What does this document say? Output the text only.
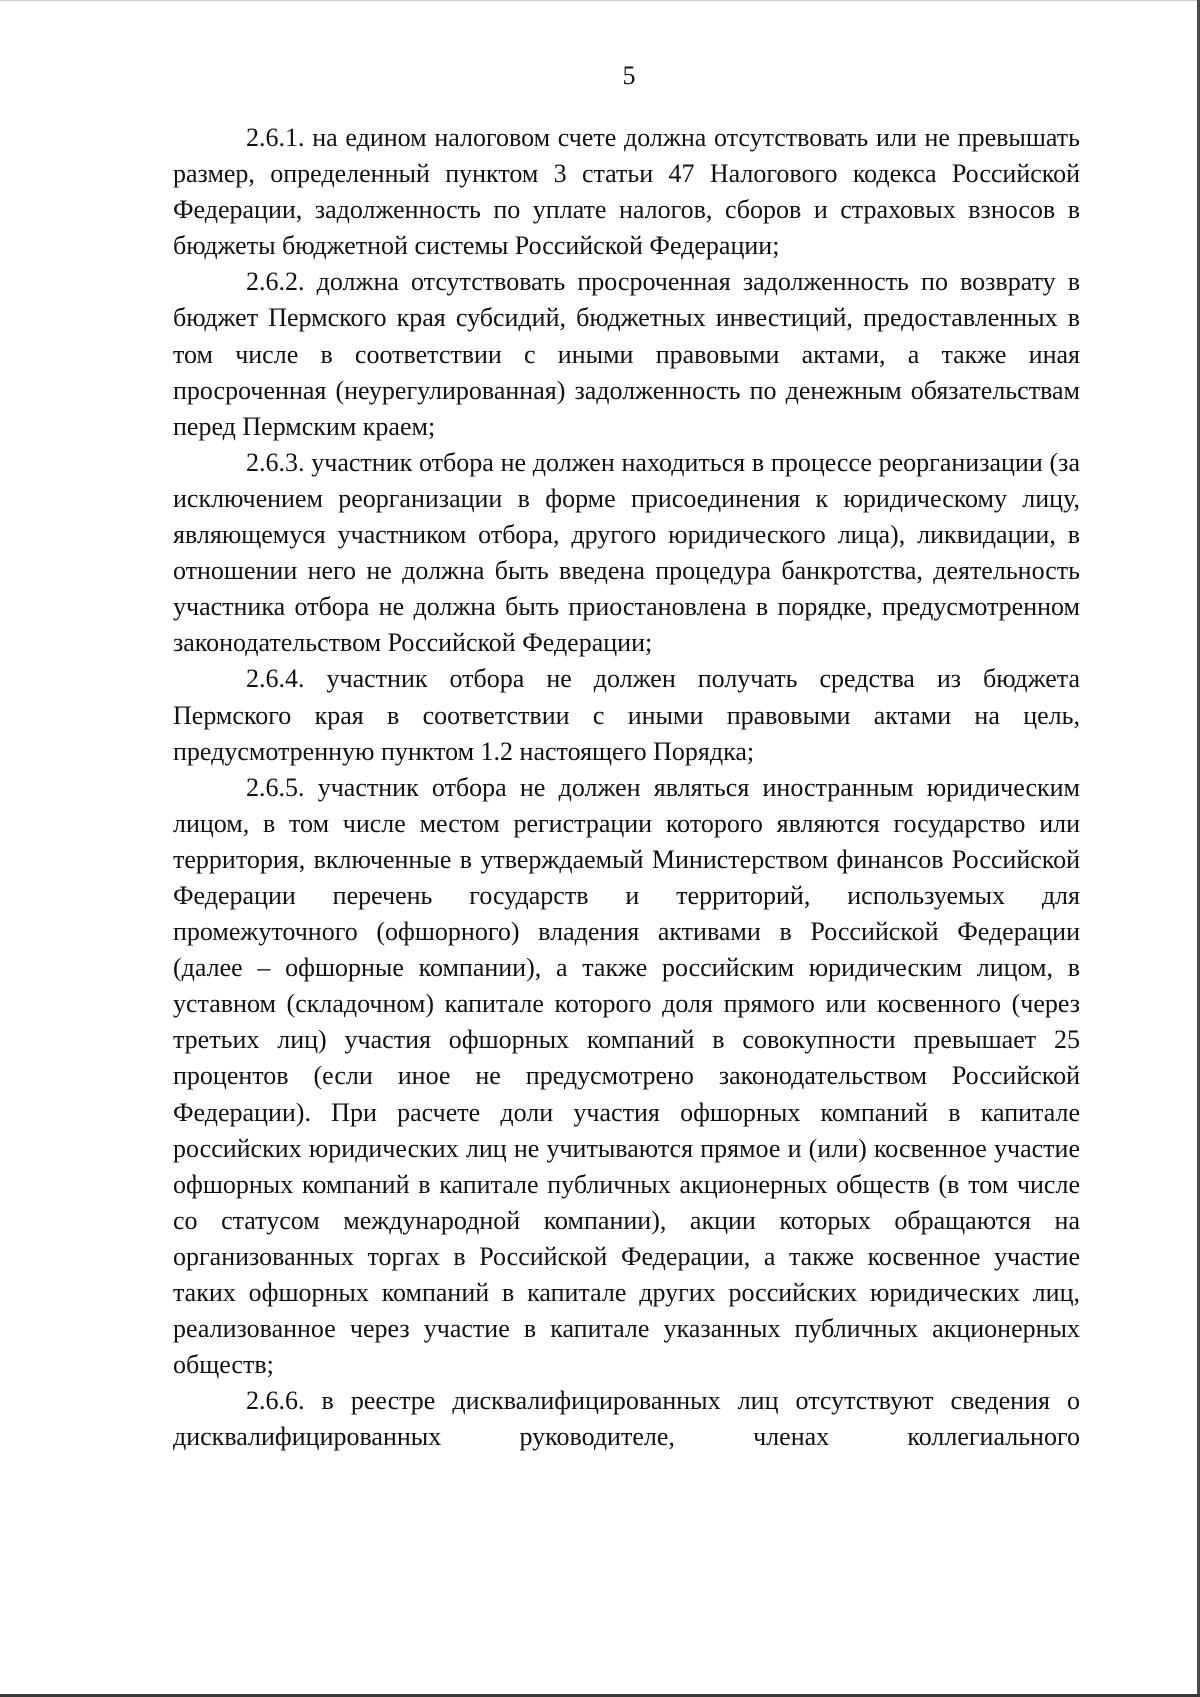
5

2.6.1. на едином налоговом счете должна отсутствовать или не превышать размер, определенный пунктом 3 статьи 47 Налогового кодекса Российской Федерации, задолженность по уплате налогов, сборов и страховых взносов в бюджеты бюджетной системы Российской Федерации;

2.6.2. должна отсутствовать просроченная задолженность по возврату в бюджет Пермского края субсидий, бюджетных инвестиций, предоставленных в том числе в соответствии с иными правовыми актами, а также иная просроченная (неурегулированная) задолженность по денежным обязательствам перед Пермским краем;

2.6.3. участник отбора не должен находиться в процессе реорганизации (за исключением реорганизации в форме присоединения к юридическому лицу, являющемуся участником отбора, другого юридического лица), ликвидации, в отношении него не должна быть введена процедура банкротства, деятельность участника отбора не должна быть приостановлена в порядке, предусмотренном законодательством Российской Федерации;

2.6.4. участник отбора не должен получать средства из бюджета Пермского края в соответствии с иными правовыми актами на цель, предусмотренную пунктом 1.2 настоящего Порядка;

2.6.5. участник отбора не должен являться иностранным юридическим лицом, в том числе местом регистрации которого являются государство или территория, включенные в утверждаемый Министерством финансов Российской Федерации перечень государств и территорий, используемых для промежуточного (офшорного) владения активами в Российской Федерации (далее – офшорные компании), а также российским юридическим лицом, в уставном (складочном) капитале которого доля прямого или косвенного (через третьих лиц) участия офшорных компаний в совокупности превышает 25 процентов (если иное не предусмотрено законодательством Российской Федерации). При расчете доли участия офшорных компаний в капитале российских юридических лиц не учитываются прямое и (или) косвенное участие офшорных компаний в капитале публичных акционерных обществ (в том числе со статусом международной компании), акции которых обращаются на организованных торгах в Российской Федерации, а также косвенное участие таких офшорных компаний в капитале других российских юридических лиц, реализованное через участие в капитале указанных публичных акционерных обществ;

2.6.6. в реестре дисквалифицированных лиц отсутствуют сведения о дисквалифицированных руководителе, членах коллегиального
